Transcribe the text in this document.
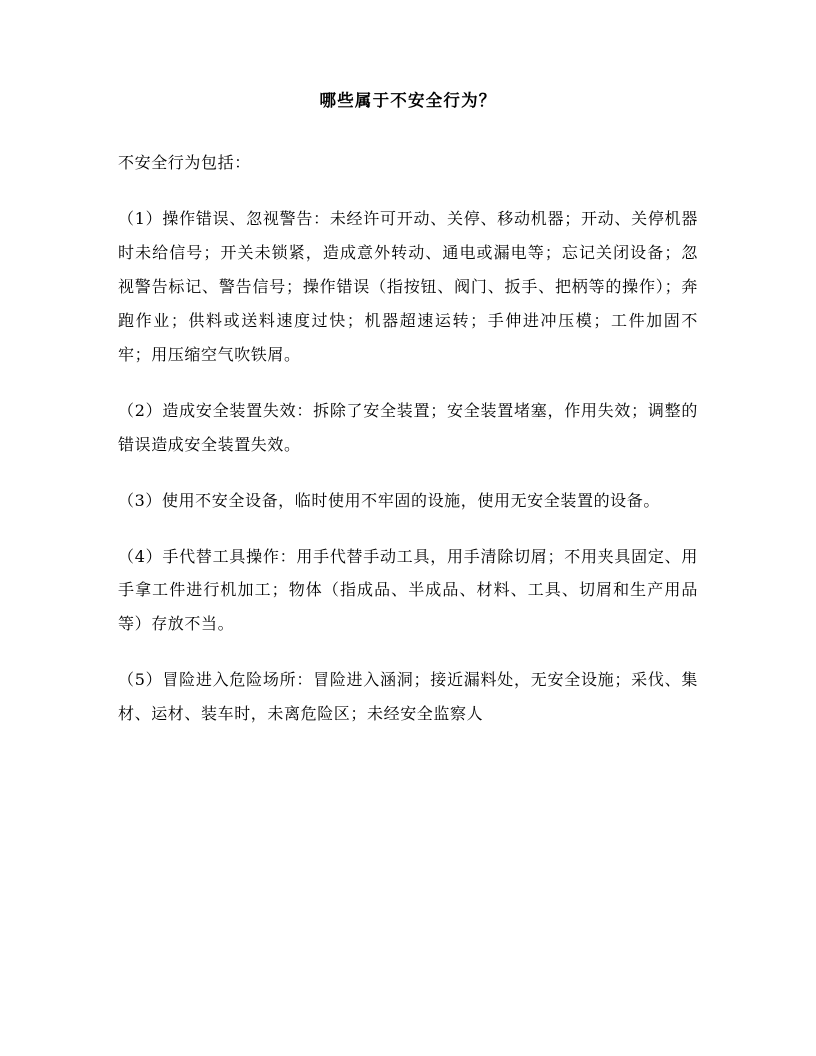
哪些属于不安全行为？

不安全行为包括：

（1）操作错误、忽视警告：未经许可开动、关停、移动机器；开动、关停机器时未给信号；开关未锁紧，造成意外转动、通电或漏电等；忘记关闭设备；忽视警告标记、警告信号；操作错误（指按钮、阀门、扳手、把柄等的操作）；奔跑作业；供料或送料速度过快；机器超速运转；手伸进冲压模；工件加固不牢；用压缩空气吹铁屑。

（2）造成安全装置失效：拆除了安全装置；安全装置堵塞，作用失效；调整的错误造成安全装置失效。

（3）使用不安全设备，临时使用不牢固的设施，使用无安全装置的设备。

（4）手代替工具操作：用手代替手动工具，用手清除切屑；不用夹具固定、用手拿工件进行机加工；物体（指成品、半成品、材料、工具、切屑和生产用品等）存放不当。

（5）冒险进入危险场所：冒险进入涵洞；接近漏料处，无安全设施；采伐、集材、运材、装车时，未离危险区；未经安全监察人
